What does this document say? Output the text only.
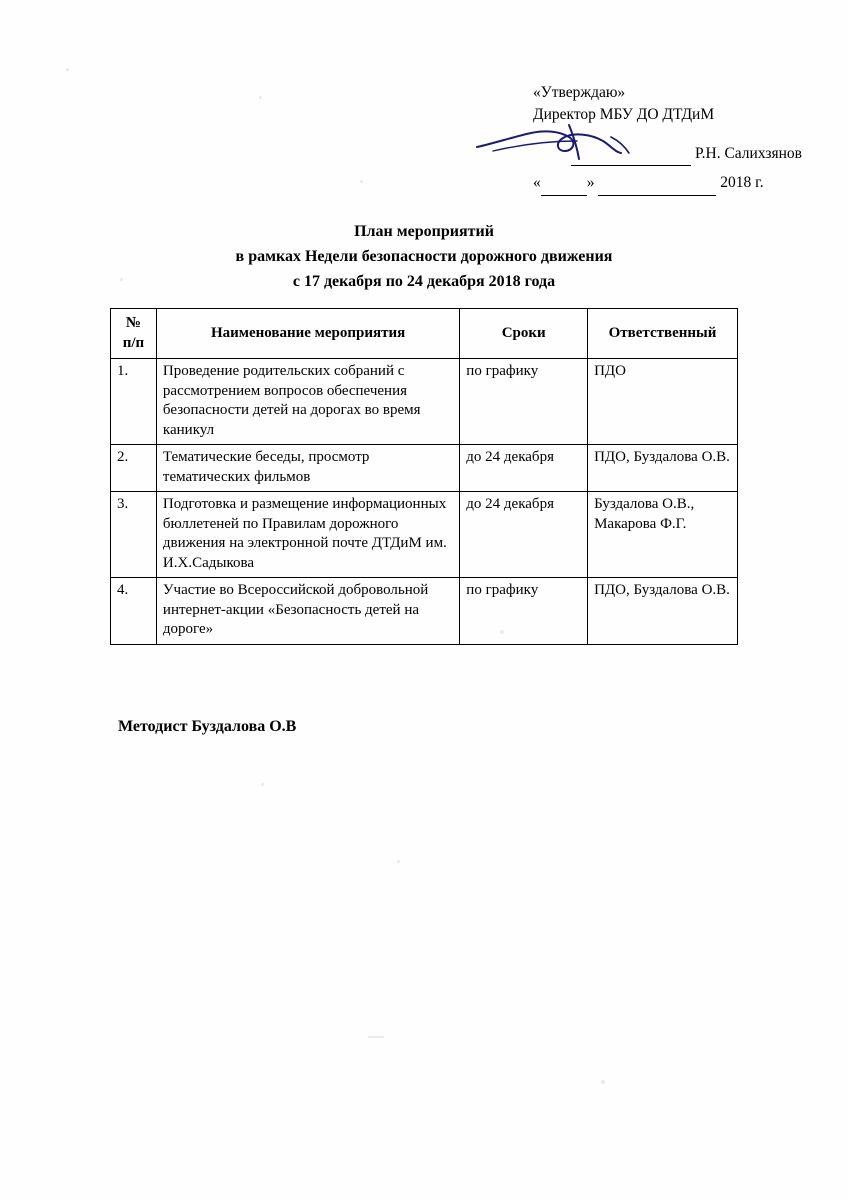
«Утверждаю»
Директор МБУ ДО ДТДиМ
Р.Н. Салихзянов
«	»	2018 г.
План мероприятий
в рамках Недели безопасности дорожного движения
с 17 декабря по 24 декабря 2018 года
№
п/п	Наименование мероприятия	Сроки	Ответственный
1.	Проведение родительских собраний с рассмотрением вопросов обеспечения безопасности детей на дорогах во время каникул	по графику	ПДО
2.	Тематические беседы, просмотр тематических фильмов	до 24 декабря	ПДО, Буздалова О.В.
3.	Подготовка и размещение информационных бюллетеней по Правилам дорожного движения на электронной почте ДТДиМ им. И.Х.Садыкова	до 24 декабря	Буздалова О.В., Макарова Ф.Г.
4.	Участие во Всероссийской добровольной интернет-акции «Безопасность детей на дороге»	по графику	ПДО, Буздалова О.В.
Методист Буздалова О.В
